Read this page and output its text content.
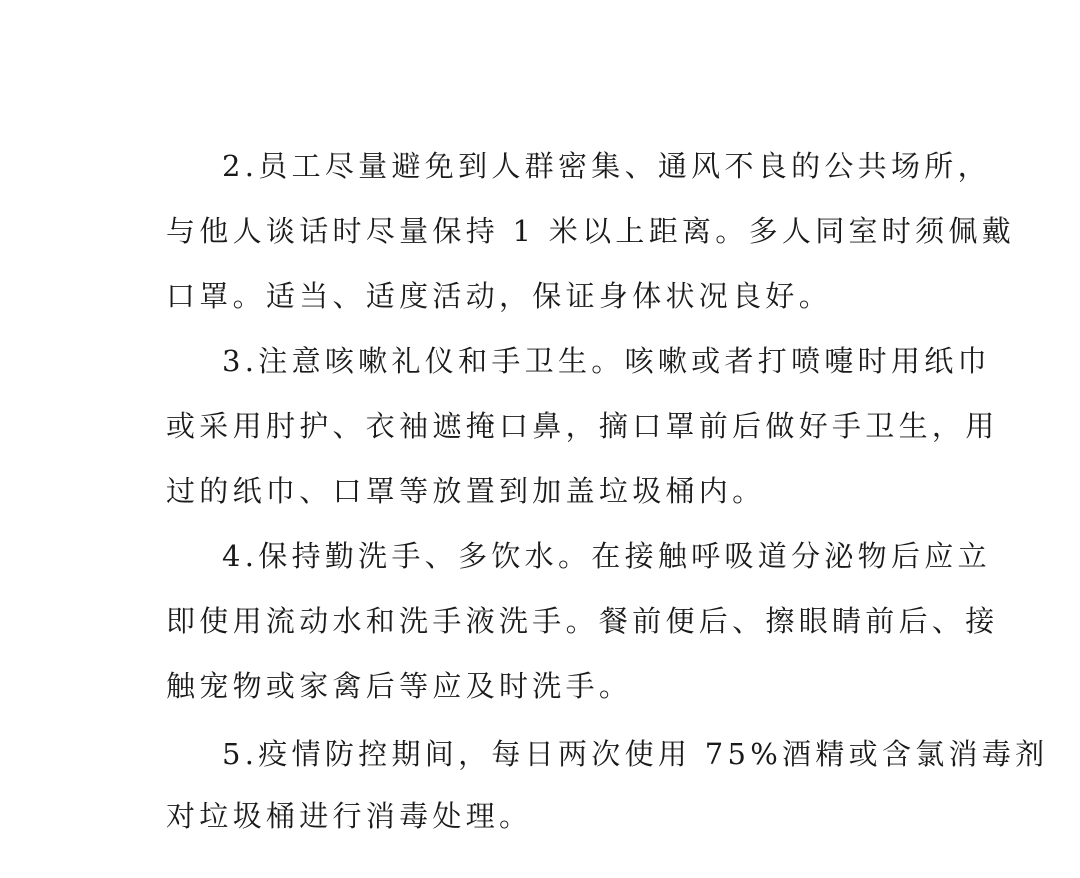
2.员工尽量避免到人群密集、通风不良的公共场所，
与他人谈话时尽量保持 1 米以上距离。多人同室时须佩戴
口罩。适当、适度活动，保证身体状况良好。
3.注意咳嗽礼仪和手卫生。咳嗽或者打喷嚏时用纸巾
或采用肘护、衣袖遮掩口鼻，摘口罩前后做好手卫生，用
过的纸巾、口罩等放置到加盖垃圾桶内。
4.保持勤洗手、多饮水。在接触呼吸道分泌物后应立
即使用流动水和洗手液洗手。餐前便后、擦眼睛前后、接
触宠物或家禽后等应及时洗手。
5.疫情防控期间，每日两次使用 75%酒精或含氯消毒剂
对垃圾桶进行消毒处理。
